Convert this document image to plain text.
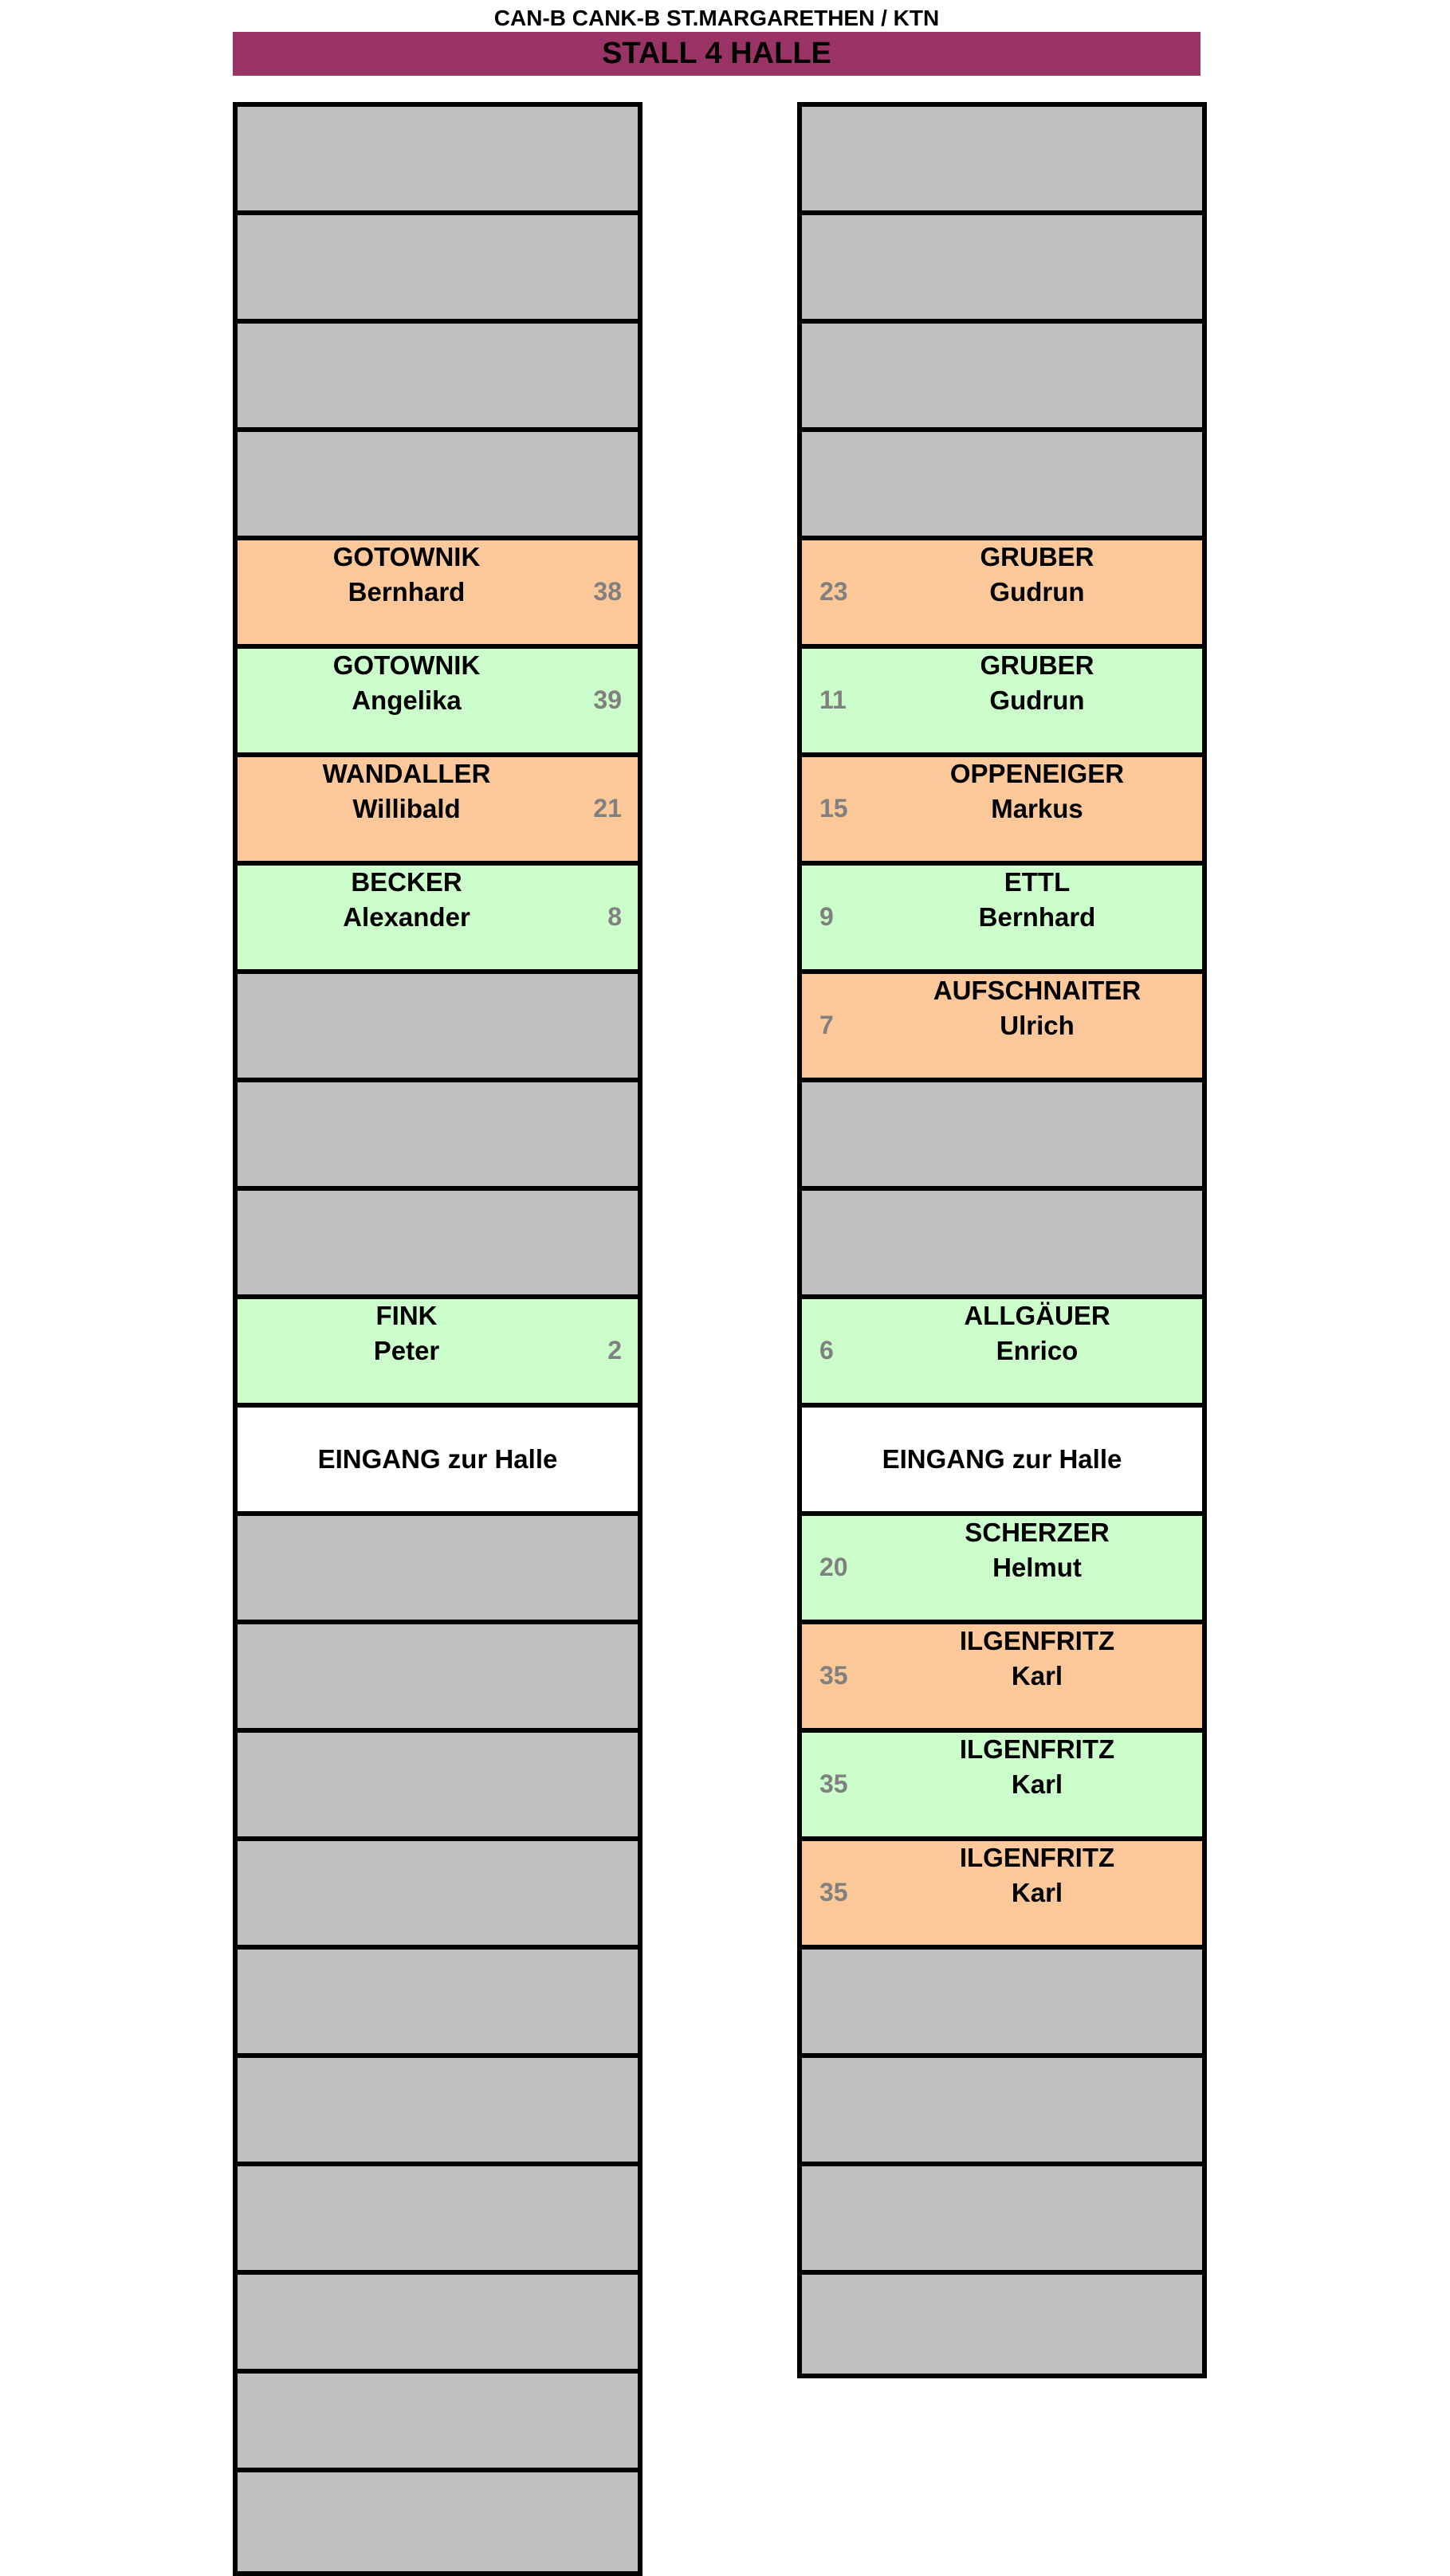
CAN-B CANK-B ST.MARGARETHEN / KTN
STALL 4 HALLE
GOTOWNIK
Bernhard	38
GOTOWNIK
Angelika	39
WANDALLER
Willibald	21
BECKER
Alexander	8
FINK
Peter	2
EINGANG zur Halle
GRUBER
Gudrun
23
GRUBER
Gudrun
11
OPPENEIGER
Markus
15
ETTL
Bernhard
9
AUFSCHNAITER
Ulrich
7
ALLGÄUER
Enrico
6
EINGANG zur Halle
SCHERZER
Helmut
20
ILGENFRITZ
Karl
35
ILGENFRITZ
Karl
35
ILGENFRITZ
Karl
35
